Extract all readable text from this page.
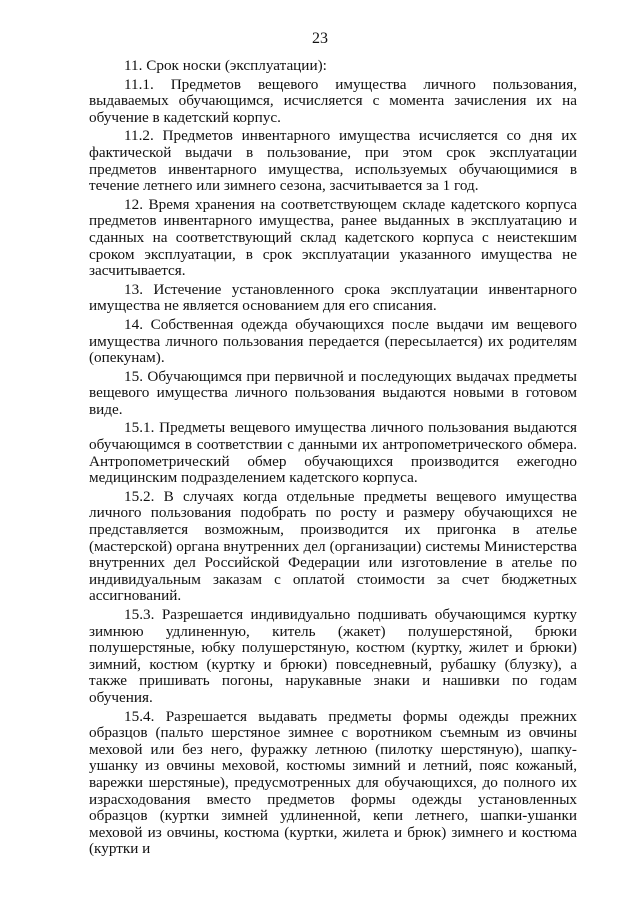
23

11. Срок носки (эксплуатации):

11.1. Предметов вещевого имущества личного пользования, выдаваемых обучающимся, исчисляется с момента зачисления их на обучение в кадетский корпус.

11.2. Предметов инвентарного имущества исчисляется со дня их фактической выдачи в пользование, при этом срок эксплуатации предметов инвентарного имущества, используемых обучающимися в течение летнего или зимнего сезона, засчитывается за 1 год.

12. Время хранения на соответствующем складе кадетского корпуса предметов инвентарного имущества, ранее выданных в эксплуатацию и сданных на соответствующий склад кадетского корпуса с неистекшим сроком эксплуатации, в срок эксплуатации указанного имущества не засчитывается.

13. Истечение установленного срока эксплуатации инвентарного имущества не является основанием для его списания.

14. Собственная одежда обучающихся после выдачи им вещевого имущества личного пользования передается (пересылается) их родителям (опекунам).

15. Обучающимся при первичной и последующих выдачах предметы вещевого имущества личного пользования выдаются новыми в готовом виде.

15.1. Предметы вещевого имущества личного пользования выдаются обучающимся в соответствии с данными их антропометрического обмера. Антропометрический обмер обучающихся производится ежегодно медицинским подразделением кадетского корпуса.

15.2. В случаях когда отдельные предметы вещевого имущества личного пользования подобрать по росту и размеру обучающихся не представляется возможным, производится их пригонка в ателье (мастерской) органа внутренних дел (организации) системы Министерства внутренних дел Российской Федерации или изготовление в ателье по индивидуальным заказам с оплатой стоимости за счет бюджетных ассигнований.

15.3. Разрешается индивидуально подшивать обучающимся куртку зимнюю удлиненную, китель (жакет) полушерстяной, брюки полушерстяные, юбку полушерстяную, костюм (куртку, жилет и брюки) зимний, костюм (куртку и брюки) повседневный, рубашку (блузку), а также пришивать погоны, нарукавные знаки и нашивки по годам обучения.

15.4. Разрешается выдавать предметы формы одежды прежних образцов (пальто шерстяное зимнее с воротником съемным из овчины меховой или без него, фуражку летнюю (пилотку шерстяную), шапку-ушанку из овчины меховой, костюмы зимний и летний, пояс кожаный, варежки шерстяные), предусмотренных для обучающихся, до полного их израсходования вместо предметов формы одежды установленных образцов (куртки зимней удлиненной, кепи летнего, шапки-ушанки меховой из овчины, костюма (куртки, жилета и брюк) зимнего и костюма (куртки и
